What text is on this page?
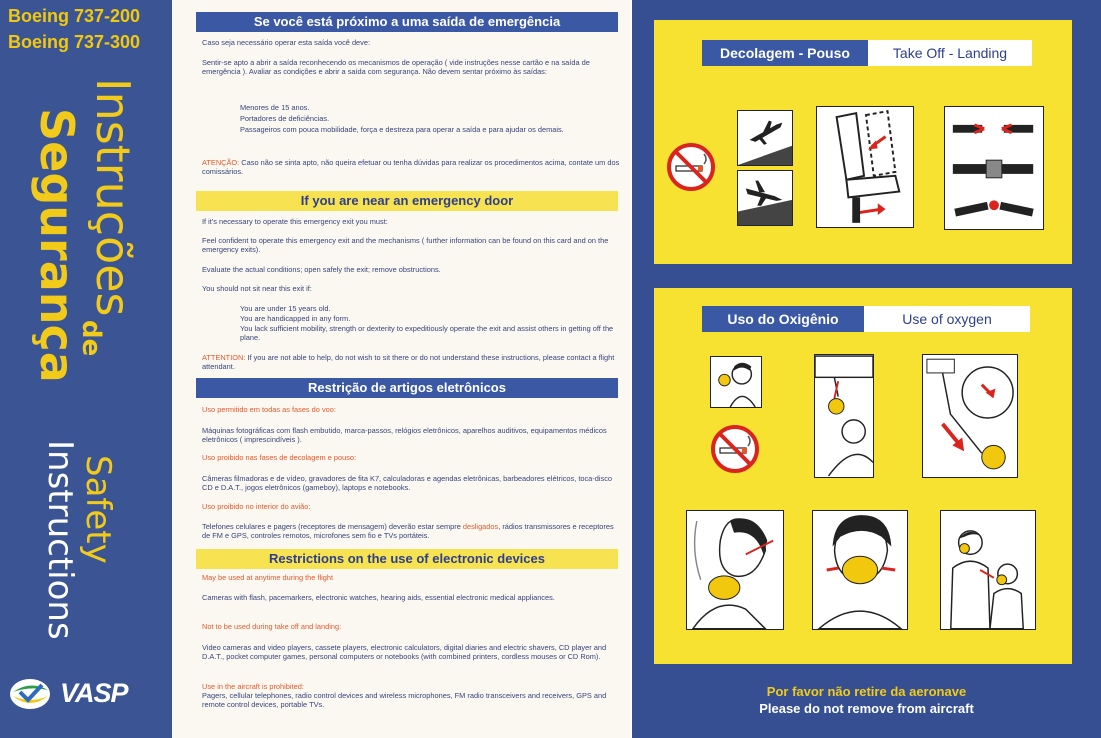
Boeing 737-200
Boeing 737-300
Instruções
Segurança
de
Safety
Instructions
VASP
Se você está próximo a uma saída de emergência
Caso seja necessário operar esta saída você deve:
Sentir-se apto a abrir a saída reconhecendo os mecanismos de operação ( vide instruções nesse cartão e na saída de emergência ). Avaliar as condições e abrir a saída com segurança. Não devem sentar próximo às saídas:
Menores de 15 anos.
Portadores de deficiências.
Passageiros com pouca mobilidade, força e destreza para operar a saída e para ajudar os demais.
ATENÇÃO: Caso não se sinta apto, não queira efetuar ou tenha dúvidas para realizar os procedimentos acima, contate um dos comissários.
If you are near an emergency door
If it's necessary to operate this emergency exit you must:
Feel confident to operate this emergency exit and the mechanisms ( further information can be found on this card and on the emergency exits).
Evaluate the actual conditions; open safely the exit; remove obstructions.
You should not sit near this exit if:
You are under 15 years old.
You are handicapped in any form.
You lack sufficient mobility, strength or dexterity to expeditiously operate the exit and assist others in getting off the plane.
ATTENTION: If you are not able to help, do not wish to sit there or do not understand these instructions, please contact a flight attendant.
Restrição de artigos eletrônicos
Uso permitido em todas as fases do voo:
Máquinas fotográficas com flash embutido, marca-passos, relógios eletrônicos, aparelhos auditivos, equipamentos médicos eletrônicos ( imprescindíveis ).
Uso proibido nas fases de decolagem e pouso:
Câmeras filmadoras e de vídeo, gravadores de fita K7, calculadoras e agendas eletrônicas, barbeadores elétricos, toca-disco CD e D.A.T., jogos eletrônicos (gameboy), laptops e notebooks.
Uso proibido no interior do avião:
Telefones celulares e pagers (receptores de mensagem) deverão estar sempre desligados, rádios transmissores e receptores de FM e GPS, controles remotos, microfones sem fio e TVs portáteis.
Restrictions on the use of electronic devices
May be used at anytime during the flight
Cameras with flash, pacemarkers, electronic watches, hearing aids, essential electronic medical appliances.
Not to be used during take off and landing:
Video cameras and video players, cassete players, electronic calculators, digital diaries and electric shavers, CD player and D.A.T., pocket computer games, personal computers or notebooks (with combined printers, cordless mouses or CD Rom).
Use in the aircraft is prohibited:
Pagers, cellular telephones, radio control devices and wireless microphones, FM radio transceivers and receivers, GPS and remote control devices, portable TVs.
Decolagem - Pouso	Take Off - Landing
Uso do Oxigênio	Use of oxygen
Por favor não retire da aeronave
Please do not remove from aircraft
